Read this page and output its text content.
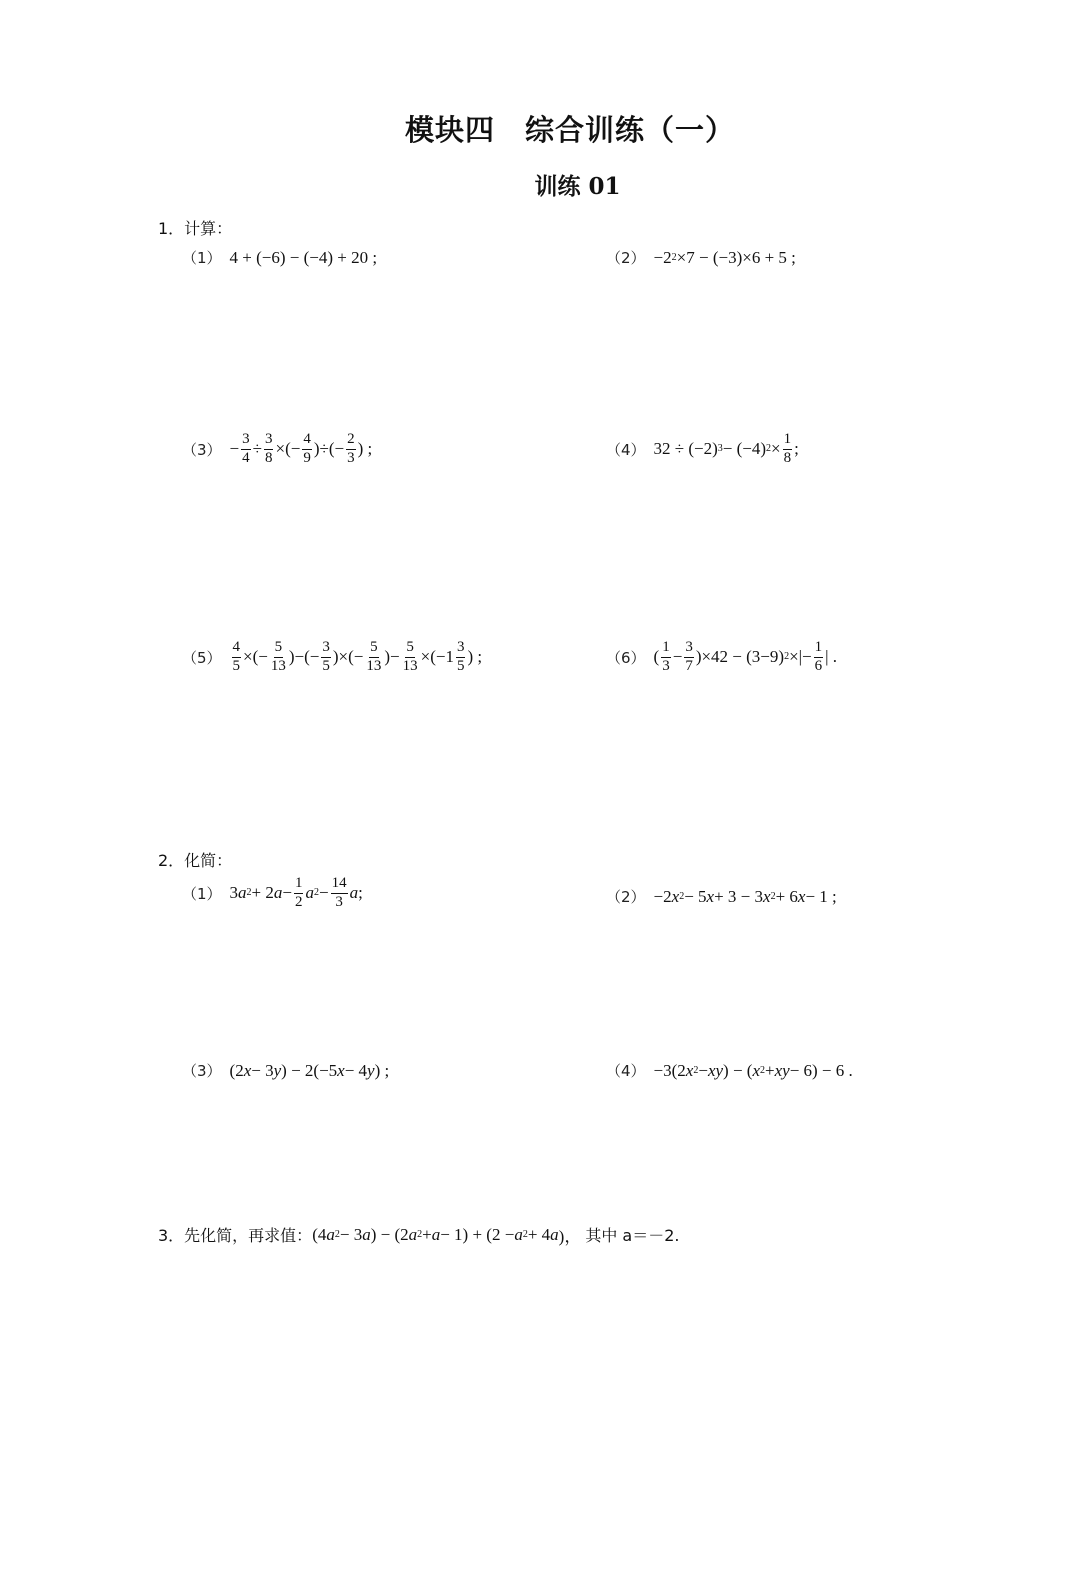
模块四 综合训练（一）
训练 01
1．计算：
（1） 4 + (−6) − (−4) + 20 ;	（2） −2 2 ×7 − (−3)×6 + 5 ;
$(3) - \frac{3}{4} \div \frac{3}{8}$ ×(− $\frac{4}{9}$ )÷(− $\frac{2}{3}$ ) ;	（4） 32 ÷ (−2) 3 − (−4) $2 \times \frac{1}{8}$ ;
$(5) \frac{4}{5}$ ×(− $\frac{5}{13}$ )−(− $\frac{3}{5}$ )×(− $\frac{5}{13}$ )− $\frac{5}{13} \times(-1 \frac{3}{5}$ ) ;	（6） ( $\frac{1}{3} - \frac{3}{7} )\times 42 - (3-9)$ 2 ×|− $\frac{1}{6}$ | .
2．化简：
（1） 3 a 2 + 2 $a - \frac{1}{2}$ a $2 - \frac{14}{3}$ a ;	（2） −2 x 2 − 5 x + 3 − 3 x 2 + 6 x − 1 ;
（3） (2 x − 3 y ) − 2(−5 x − 4 y ) ;	（4） −3(2 x 2 − xy ) − ( x 2 + xy − 6) − 6 .
3．先化简，再求值： (4 a 2 − 3 a ) − (2 a 2 + a − 1) + (2 − a 2 + 4 a )， 其中 a＝－2.
